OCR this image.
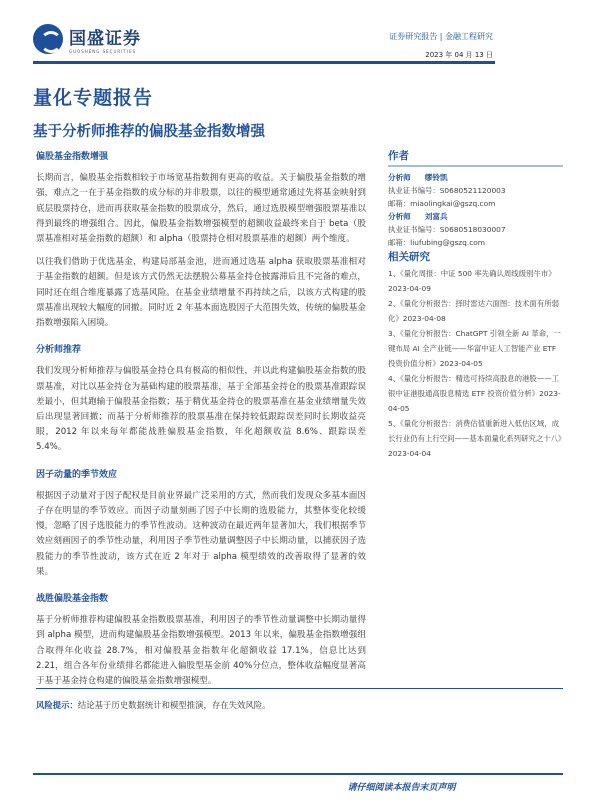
国盛证券
GUOSHENG SECURITIES
证券研究报告 | 金融工程研究
2023 年 04 月 13 日
量化专题报告
基于分析师推荐的偏股基金指数增强
偏股基金指数增强

长期而言，偏股基金指数相较于市场宽基指数拥有更高的收益。关于偏股基金指数的增强，难点之一在于基金指数的成分标的并非股票，以往的模型通常通过先将基金映射到底层股票持仓，进而再获取基金指数的股票成分，然后，通过选股模型增强股票基准以得到最终的增强组合。因此，偏股基金指数增强模型的超额收益最终来自于 beta（股票基准相对基金指数的超额）和 alpha（股票持仓相对股票基准的超额）两个维度。

以往我们借助于优选基金，构建局部基金池，进而通过选基 alpha 获取股票基准相对于基金指数的超额。但是该方式仍然无法摆脱公募基金持仓披露滞后且不完备的难点，同时还在组合维度暴露了选基风险。在基金业绩增量不再持续之后，以该方式构建的股票基准出现较大幅度的回撤。同时近 2 年基本面选股因子大范围失效，传统的偏股基金指数增强陷入困境。

分析师推荐

我们发现分析师推荐与偏股基金持仓具有极高的相似性，并以此构建偏股基金指数的股票基准，对比以基金持仓为基础构建的股票基准，基于全部基金持仓的股票基准跟踪误差最小，但其跑输于偏股基金指数；基于精优基金持仓的股票基准在基金业绩增量失效后出现显著回撤；而基于分析师推荐的股票基准在保持较低跟踪误差同时长期收益亮眼，2012 年以来每年都能战胜偏股基金指数，年化超额收益 8.6%、跟踪误差 5.4%。

因子动量的季节效应

根据因子动量对于因子配权是目前业界最广泛采用的方式，然而我们发现众多基本面因子存在明显的季节效应。而因子动量刻画了因子中长期的选股能力，其整体变化较缓慢，忽略了因子选股能力的季节性波动。这种波动在最近两年显著加大，我们根据季节效应刻画因子的季节性动量，利用因子季节性动量调整因子中长期动量，以捕获因子选股能力的季节性波动，该方式在近 2 年对于 alpha 模型绩效的改善取得了显著的效果。

战胜偏股基金指数

基于分析师推荐构建偏股基金指数股票基准，利用因子的季节性动量调整中长期动量得到 alpha 模型，进而构建偏股基金指数增强模型。2013 年以来，偏股基金指数增强组合取得年化收益 28.7%，相对偏股基金指数年化超额收益 17.1%，信息比达到 2.21，组合各年份业绩排名都能进入偏股型基金前 40%分位点，整体收益幅度显著高于基于基金持仓构建的偏股基金指数增强模型。

作者
分析师 缪铃凯
执业证书编号：S0680521120003
邮箱：miaolingkai@gszq.com
分析师 刘富兵
执业证书编号：S0680518030007
邮箱：liufubing@gszq.com
相关研究
1、《量化周报：中证 500 率先确认周线级别牛市》2023-04-09
2、《量化分析报告：择时雷达六面图：技术面有所弱化》2023-04-08
3、《量化分析报告：ChatGPT 引领全新 AI 革命，一键布局 AI 全产业链——华富中证人工智能产业 ETF 投资价值分析》2023-04-05
4、《量化分析报告：精选可持续高股息的港股——工银中证港股通高股息精选 ETF 投资价值分析》2023-04-05
5、《量化分析报告：消费估值重新进入低估区域，成长行业仍有上行空间——基本面量化系列研究之十八》2023-04-04
风险提示：结论基于历史数据统计和模型推演，存在失效风险。
请仔细阅读本报告末页声明
